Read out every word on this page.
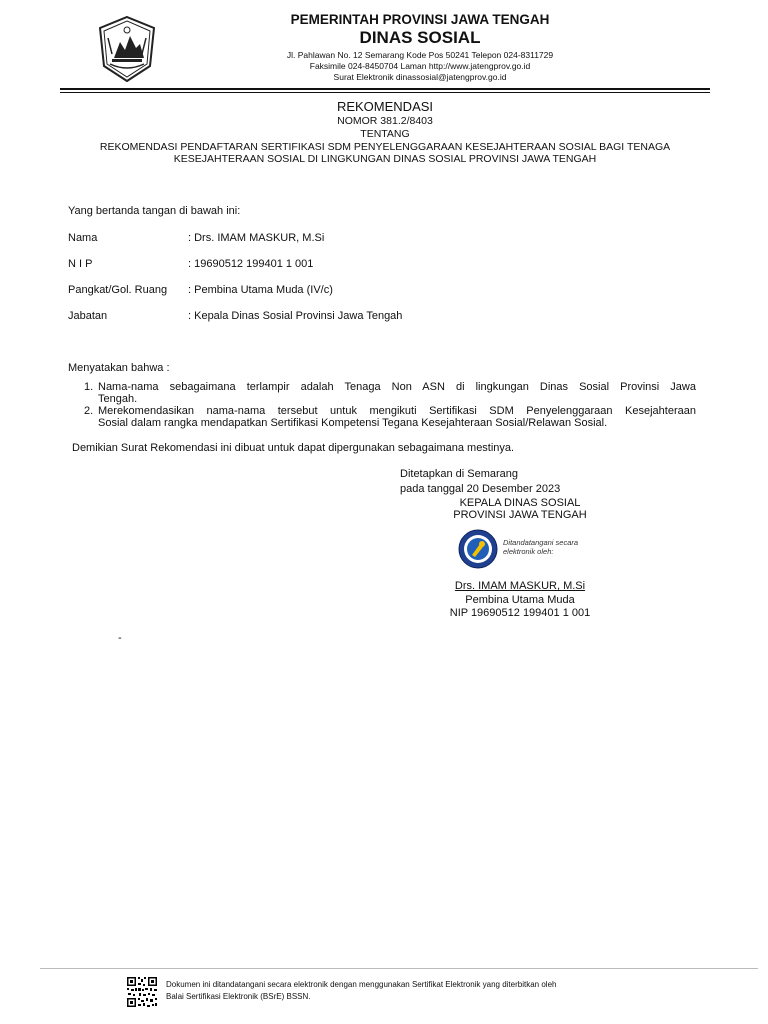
PEMERINTAH PROVINSI JAWA TENGAH
DINAS SOSIAL
Jl. Pahlawan No. 12 Semarang Kode Pos 50241 Telepon 024-8311729
Faksimile 024-8450704 Laman http://www.jatengprov.go.id
Surat Elektronik dinassosial@jatengprov.go.id
REKOMENDASI
NOMOR 381.2/8403
TENTANG
REKOMENDASI PENDAFTARAN SERTIFIKASI SDM PENYELENGGARAAN KESEJAHTERAAN SOSIAL BAGI TENAGA
KESEJAHTERAAN SOSIAL DI LINGKUNGAN DINAS SOSIAL PROVINSI JAWA TENGAH
Yang bertanda tangan di bawah ini:
Nama	: Drs. IMAM MASKUR, M.Si
N I P	: 19690512 199401 1 001
Pangkat/Gol. Ruang : Pembina Utama Muda (IV/c)
Jabatan	: Kepala Dinas Sosial Provinsi Jawa Tengah
Menyatakan bahwa :
1. Nama-nama sebagaimana terlampir adalah Tenaga Non ASN di lingkungan Dinas Sosial Provinsi Jawa
Tengah.
2. Merekomendasikan nama-nama tersebut untuk mengikuti Sertifikasi SDM Penyelenggaraan Kesejahteraan
Sosial dalam rangka mendapatkan Sertifikasi Kompetensi Tegana Kesejahteraan Sosial/Relawan Sosial.
Demikian Surat Rekomendasi ini dibuat untuk dapat dipergunakan sebagaimana mestinya.
Ditetapkan di Semarang
pada tanggal 20 Desember 2023
KEPALA DINAS SOSIAL
PROVINSI JAWA TENGAH
Ditandatangani secara elektronik oleh:
Drs. IMAM MASKUR, M.Si
Pembina Utama Muda
NIP 19690512 199401 1 001
-
Dokumen ini ditandatangani secara elektronik dengan menggunakan Sertifikat Elektronik yang diterbitkan oleh
Balai Sertifikasi Elektronik (BSrE) BSSN.
